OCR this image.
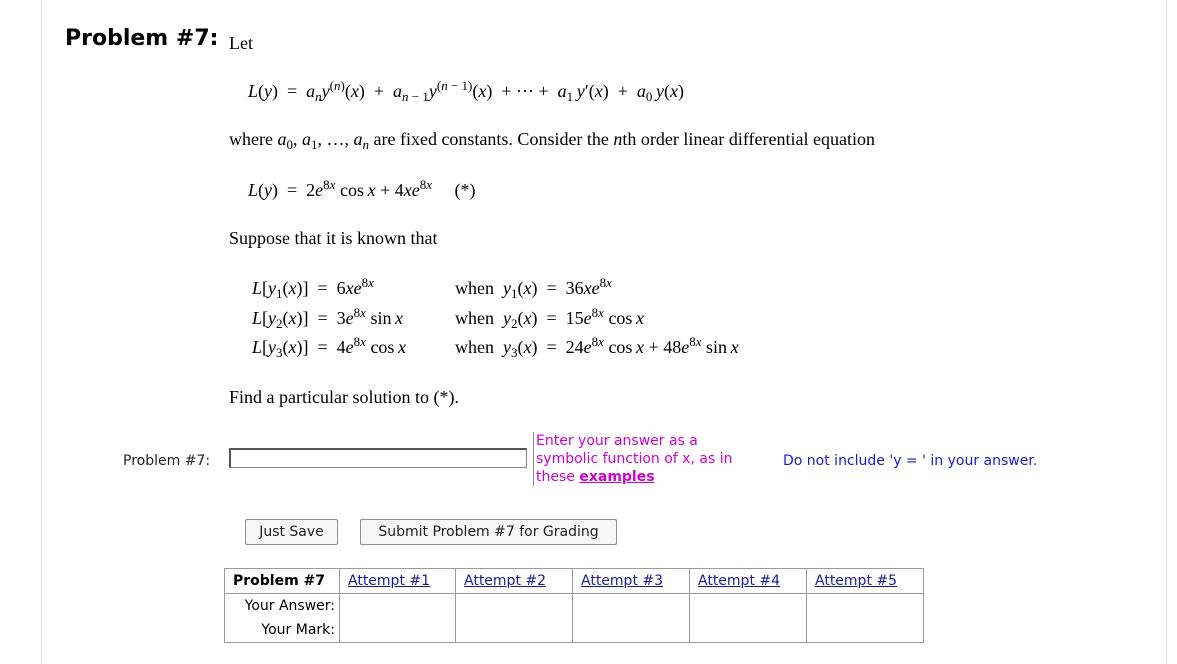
Problem #7: Let
$L(y) = a_ny^{(n)}(x) + a_{n - 1}y^{(n - 1)}(x)$  + ··· +  $a_1$  $y'(x) + a_0$  y(x)
where $a_0$, $a_1$, …, $a_n$ are fixed constants. Consider the nth order linear differential equation
$L(y) = 2e^{8x}$ $\cos x + 4xe^{8x}$ (*)
Suppose that it is known that
$L[y_1(x)] = 6xe^{8x}$	when  $y_1(x) = 36xe^{8x}$
$L[y_2(x)] = 3e^{8x}$ sin x	when  $y_2(x) = 15e^{8x}$ cos x
$L[y_3(x)] = 4e^{8x}$ cos x	when  $y_3(x) = 24e^{8x}$ $\cos x + 48e^{8x}$ sin x
Find a particular solution to (*).
Problem #7:
Enter your answer as a symbolic function of x, as in these examples
Do not include 'y = ' in your answer.
Just Save	Submit Problem #7 for Grading
Problem #7	Attempt #1	Attempt #2	Attempt #3	Attempt #4	Attempt #5
Your Answer:					
Your Mark:					
